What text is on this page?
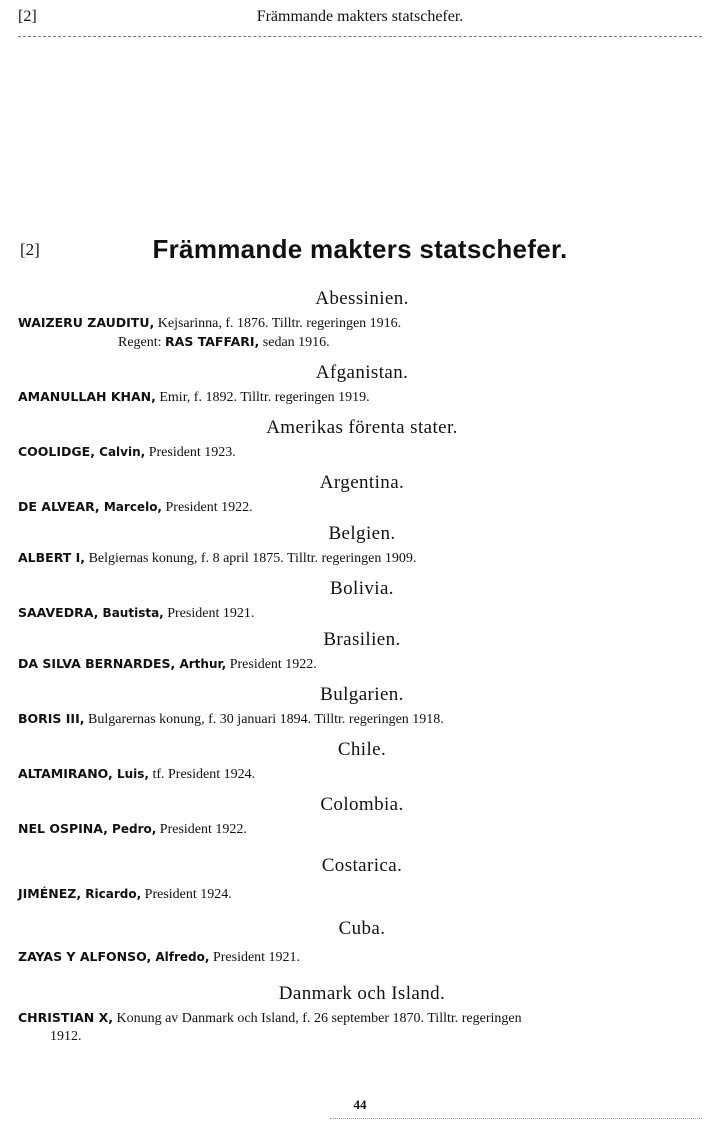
[2]	Främmande makters statschefer.
[2]	Främmande makters statschefer.
Abessinien.
WAIZERU ZAUDITU, Kejsarinna, f. 1876. Tilltr. regeringen 1916.
Regent: RAS TAFFARI, sedan 1916.
Afganistan.
AMANULLAH KHAN, Emir, f. 1892. Tilltr. regeringen 1919.
Amerikas förenta stater.
COOLIDGE, Calvin, President 1923.
Argentina.
DE ALVEAR, Marcelo, President 1922.
Belgien.
ALBERT I, Belgiernas konung, f. 8 april 1875. Tilltr. regeringen 1909.
Bolivia.
SAAVEDRA, Bautista, President 1921.
Brasilien.
DA SILVA BERNARDES, Arthur, President 1922.
Bulgarien.
BORIS III, Bulgarernas konung, f. 30 januari 1894. Tilltr. regeringen 1918.
Chile.
ALTAMIRANO, Luis, tf. President 1924.
Colombia.
NEL OSPINA, Pedro, President 1922.
Costarica.
JIMÉNEZ, Ricardo, President 1924.
Cuba.
ZAYAS Y ALFONSO, Alfredo, President 1921.
Danmark och Island.
CHRISTIAN X, Konung av Danmark och Island, f. 26 september 1870. Tilltr. regeringen
1912.
44
